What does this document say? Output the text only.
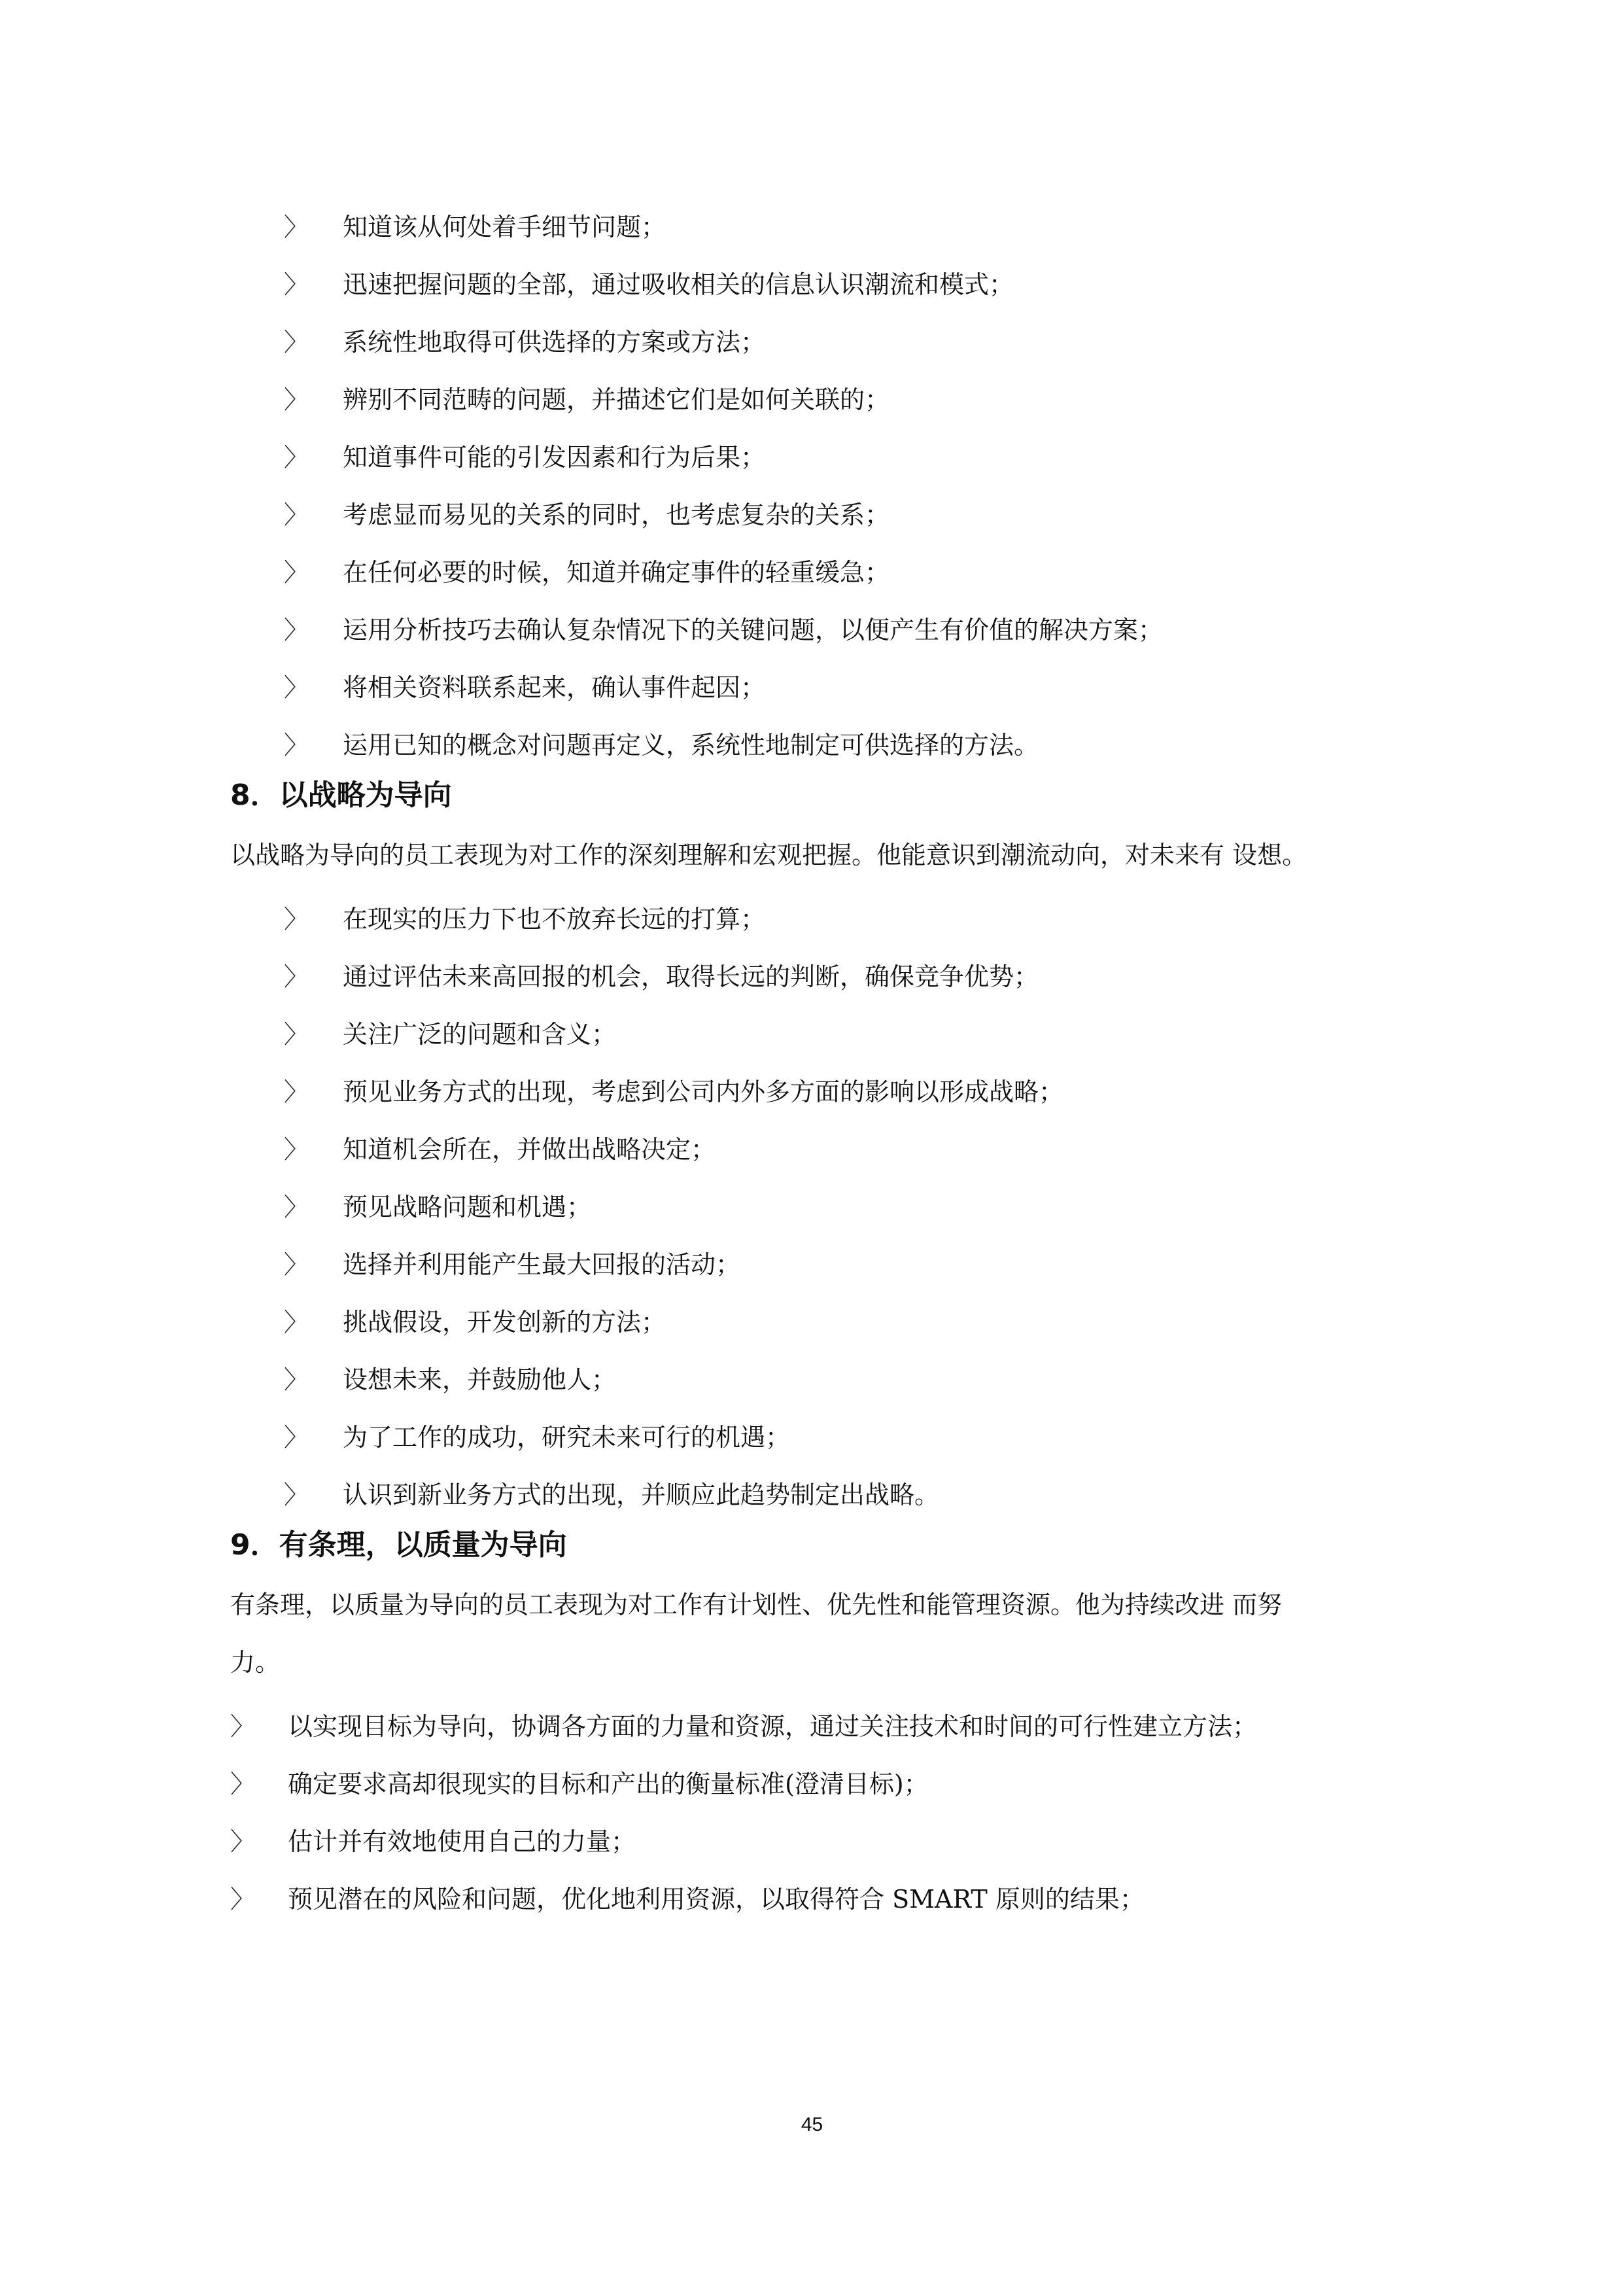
〉 知道该从何处着手细节问题；
〉 迅速把握问题的全部，通过吸收相关的信息认识潮流和模式；
〉 系统性地取得可供选择的方案或方法；
〉 辨别不同范畴的问题，并描述它们是如何关联的；
〉 知道事件可能的引发因素和行为后果；
〉 考虑显而易见的关系的同时，也考虑复杂的关系；
〉 在任何必要的时候，知道并确定事件的轻重缓急；
〉 运用分析技巧去确认复杂情况下的关键问题，以便产生有价值的解决方案；
〉 将相关资料联系起来，确认事件起因；
〉 运用已知的概念对问题再定义，系统性地制定可供选择的方法。
8．以战略为导向
以战略为导向的员工表现为对工作的深刻理解和宏观把握。他能意识到潮流动向，对未来有 设想。
〉 在现实的压力下也不放弃长远的打算；
〉 通过评估未来高回报的机会，取得长远的判断，确保竞争优势；
〉 关注广泛的问题和含义；
〉 预见业务方式的出现，考虑到公司内外多方面的影响以形成战略；
〉 知道机会所在，并做出战略决定；
〉 预见战略问题和机遇；
〉 选择并利用能产生最大回报的活动；
〉 挑战假设，开发创新的方法；
〉 设想未来，并鼓励他人；
〉 为了工作的成功，研究未来可行的机遇；
〉 认识到新业务方式的出现，并顺应此趋势制定出战略。
9．有条理，以质量为导向
有条理，以质量为导向的员工表现为对工作有计划性、优先性和能管理资源。他为持续改进 而努
力。
〉 以实现目标为导向，协调各方面的力量和资源，通过关注技术和时间的可行性建立方法；
〉 确定要求高却很现实的目标和产出的衡量标准(澄清目标)；
〉 估计并有效地使用自己的力量；
〉 预见潜在的风险和问题，优化地利用资源，以取得符合 SMART 原则的结果；
45
